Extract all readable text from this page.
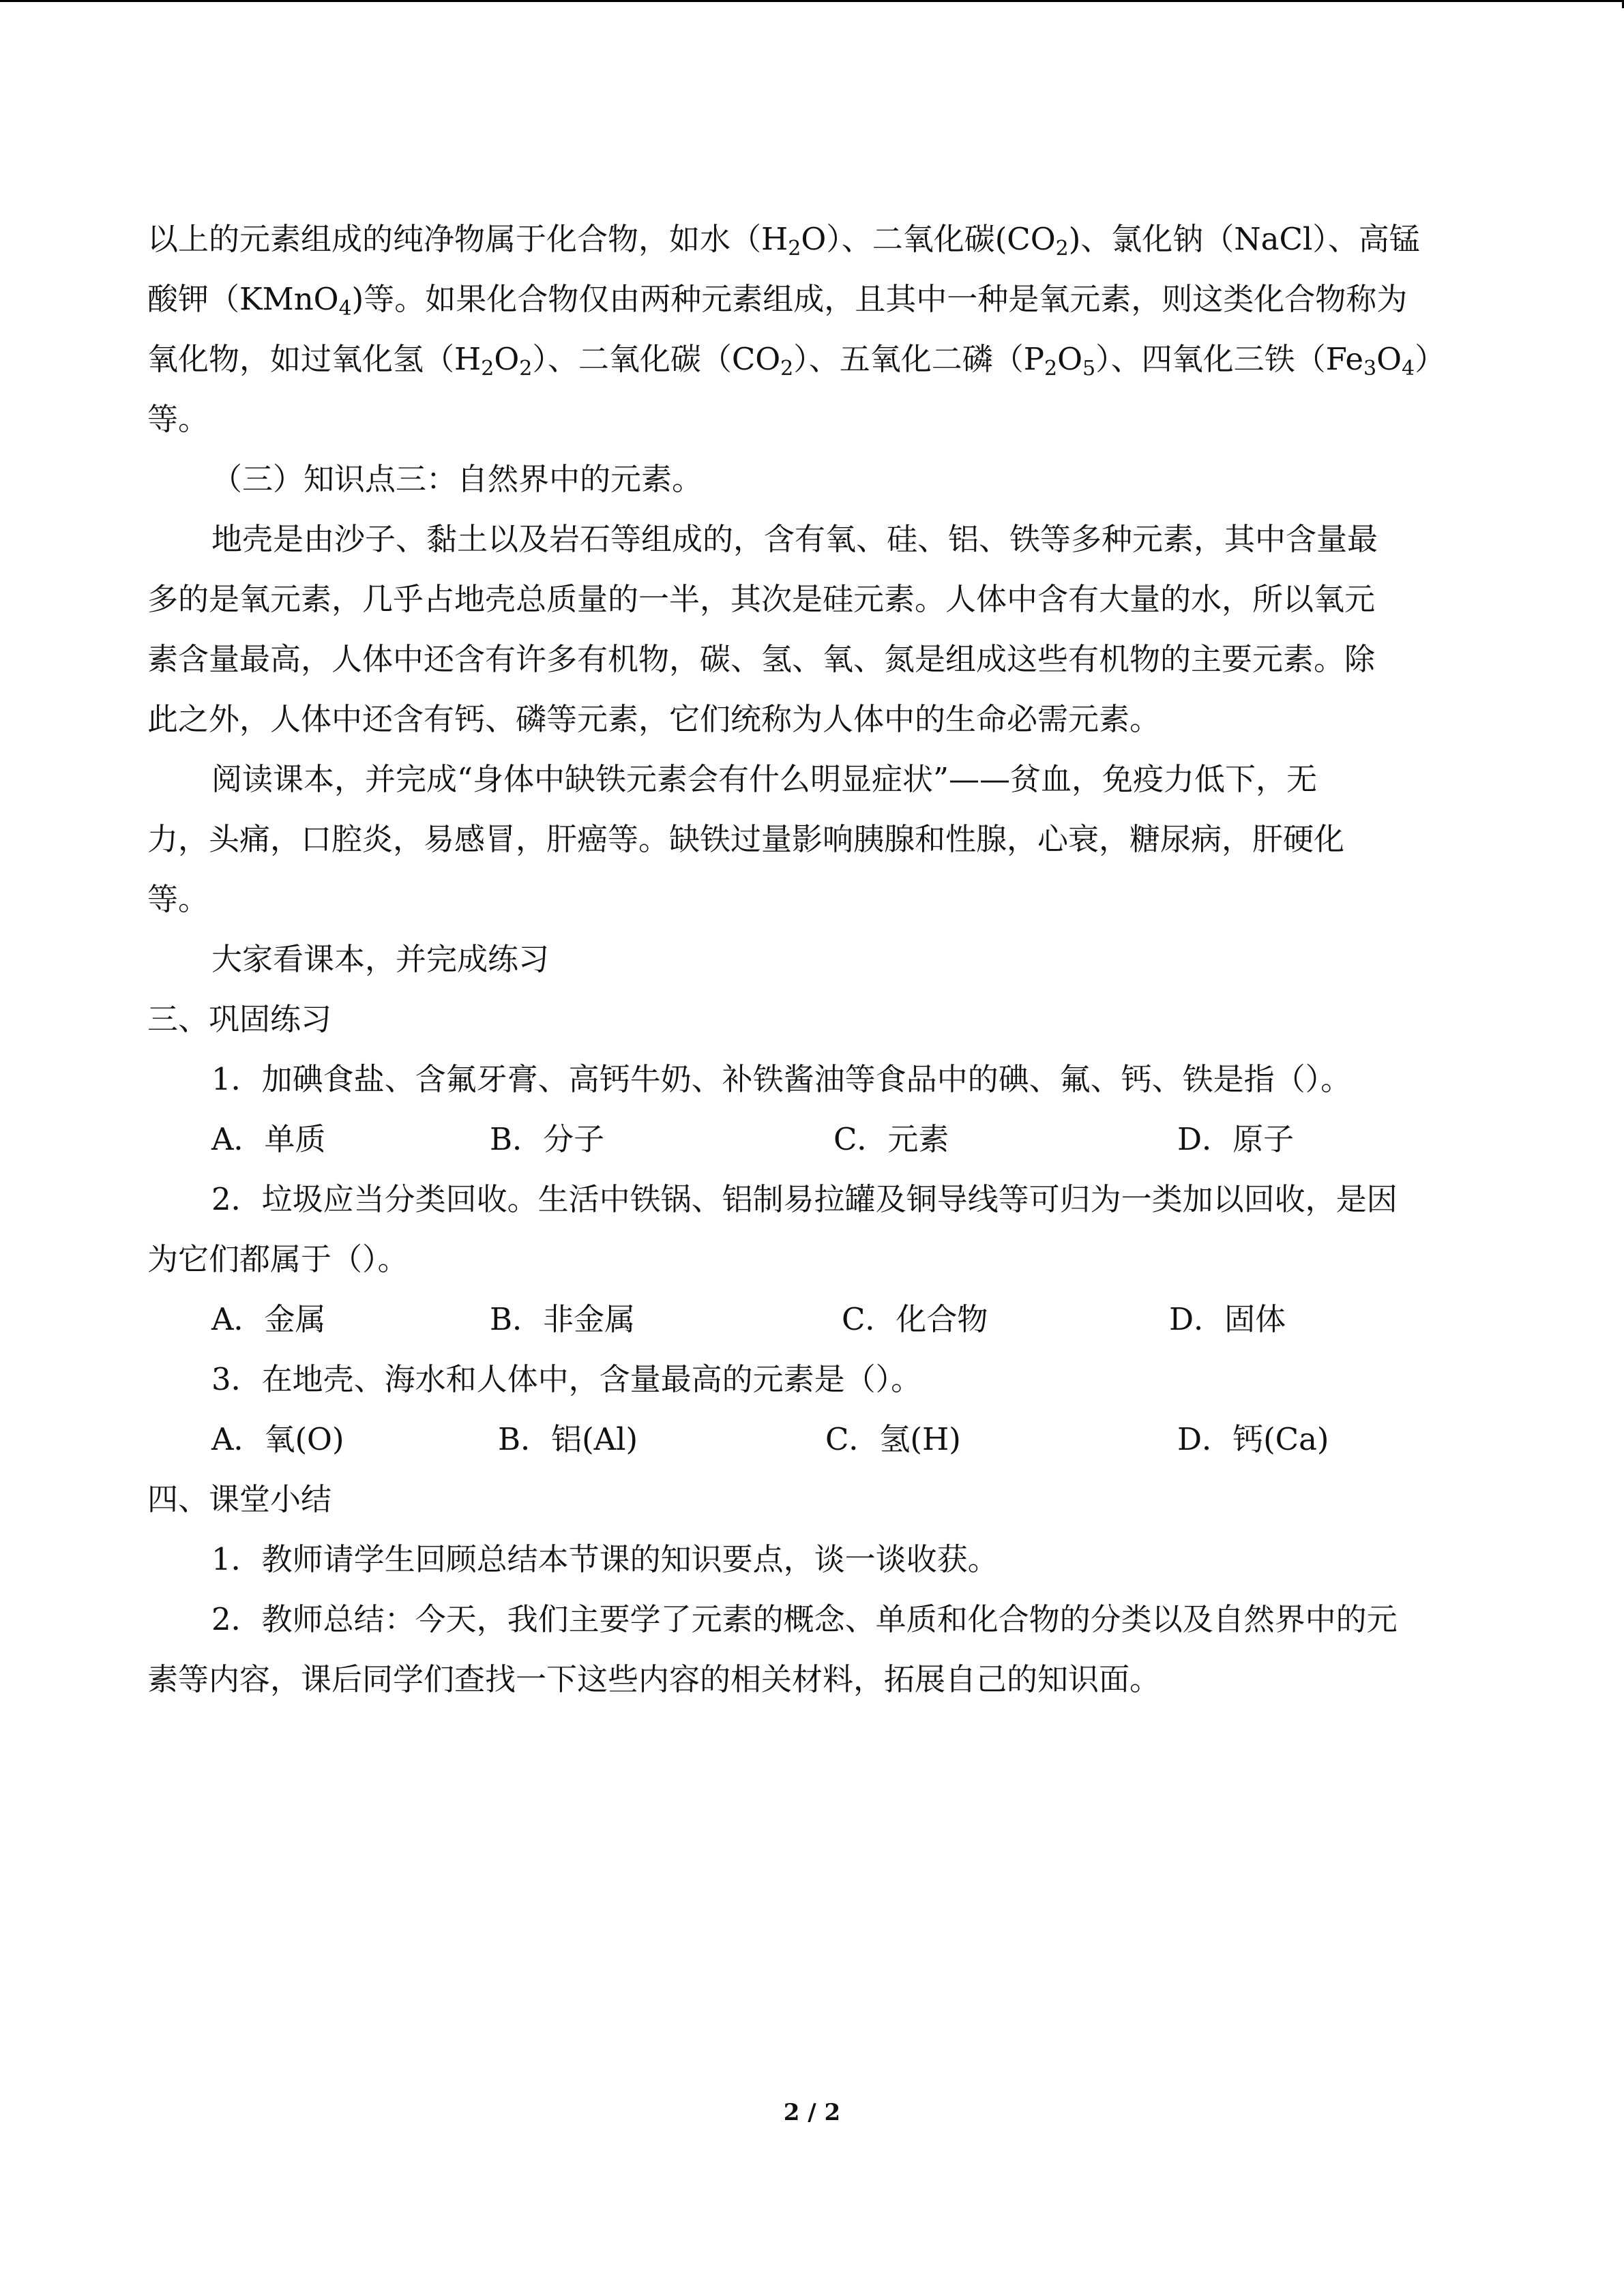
以上的元素组成的纯净物属于化合物，如水$(H_2O)$、二氧化碳$(CO_2)$、氯化钠（NaCl）、高锰
酸钾（KMnO$_4$)等。如果化合物仅由两种元素组成，且其中一种是氧元素，则这类化合物称为
氧化物，如过氧化氢$(H_2O_2)$、二氧化碳$(CO_2)$、五氧化二磷$(P_2O_5)$、四氧化三铁$(Fe_3O_4)$
等。
（三）知识点三：自然界中的元素。
地壳是由沙子、黏土以及岩石等组成的，含有氧、硅、铝、铁等多种元素，其中含量最
多的是氧元素，几乎占地壳总质量的一半，其次是硅元素。人体中含有大量的水，所以氧元
素含量最高，人体中还含有许多有机物，碳、氢、氧、氮是组成这些有机物的主要元素。除
此之外，人体中还含有钙、磷等元素，它们统称为人体中的生命必需元素。
阅读课本，并完成“身体中缺铁元素会有什么明显症状”——贫血，免疫力低下，无
力，头痛，口腔炎，易感冒，肝癌等。缺铁过量影响胰腺和性腺，心衰，糖尿病，肝硬化
等。
大家看课本，并完成练习
三、巩固练习
1．加碘食盐、含氟牙膏、高钙牛奶、补铁酱油等食品中的碘、氟、钙、铁是指（）。
A．单质	B．分子	C．元素	D．原子
2．垃圾应当分类回收。生活中铁锅、铝制易拉罐及铜导线等可归为一类加以回收，是因
为它们都属于（）。
A．金属	B．非金属	C．化合物	D．固体
3．在地壳、海水和人体中，含量最高的元素是（）。
A．氧(O)	B．铝(Al)	C．氢(H)	D．钙(Ca)
四、课堂小结
1．教师请学生回顾总结本节课的知识要点，谈一谈收获。
2．教师总结：今天，我们主要学了元素的概念、单质和化合物的分类以及自然界中的元
素等内容，课后同学们查找一下这些内容的相关材料，拓展自己的知识面。
2 / 2
